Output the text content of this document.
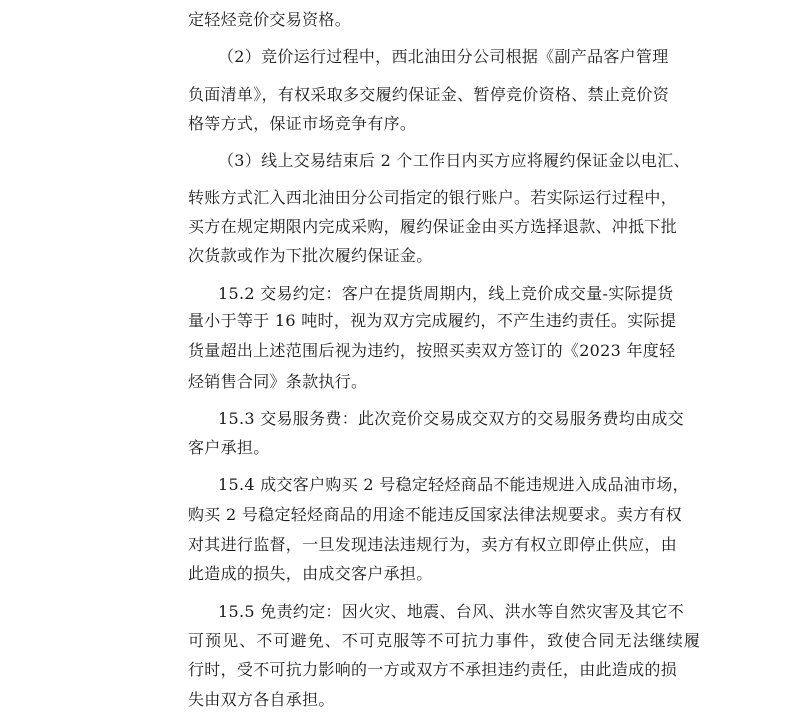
定轻烃竞价交易资格。
（2）竞价运行过程中，西北油田分公司根据《副产品客户管理
负面清单》，有权采取多交履约保证金、暂停竞价资格、禁止竞价资
格等方式，保证市场竞争有序。
（3）线上交易结束后 2 个工作日内买方应将履约保证金以电汇、
转账方式汇入西北油田分公司指定的银行账户。若实际运行过程中，
买方在规定期限内完成采购，履约保证金由买方选择退款、冲抵下批
次货款或作为下批次履约保证金。
15.2 交易约定：客户在提货周期内，线上竞价成交量-实际提货
量小于等于 16 吨时，视为双方完成履约，不产生违约责任。实际提
货量超出上述范围后视为违约，按照买卖双方签订的《2023 年度轻
烃销售合同》条款执行。
15.3 交易服务费：此次竞价交易成交双方的交易服务费均由成交
客户承担。
15.4 成交客户购买 2 号稳定轻烃商品不能违规进入成品油市场，
购买 2 号稳定轻烃商品的用途不能违反国家法律法规要求。卖方有权
对其进行监督，一旦发现违法违规行为，卖方有权立即停止供应，由
此造成的损失，由成交客户承担。
15.5 免责约定：因火灾、地震、台风、洪水等自然灾害及其它不
可预见、不可避免、不可克服等不可抗力事件，致使合同无法继续履
行时，受不可抗力影响的一方或双方不承担违约责任，由此造成的损
失由双方各自承担。
